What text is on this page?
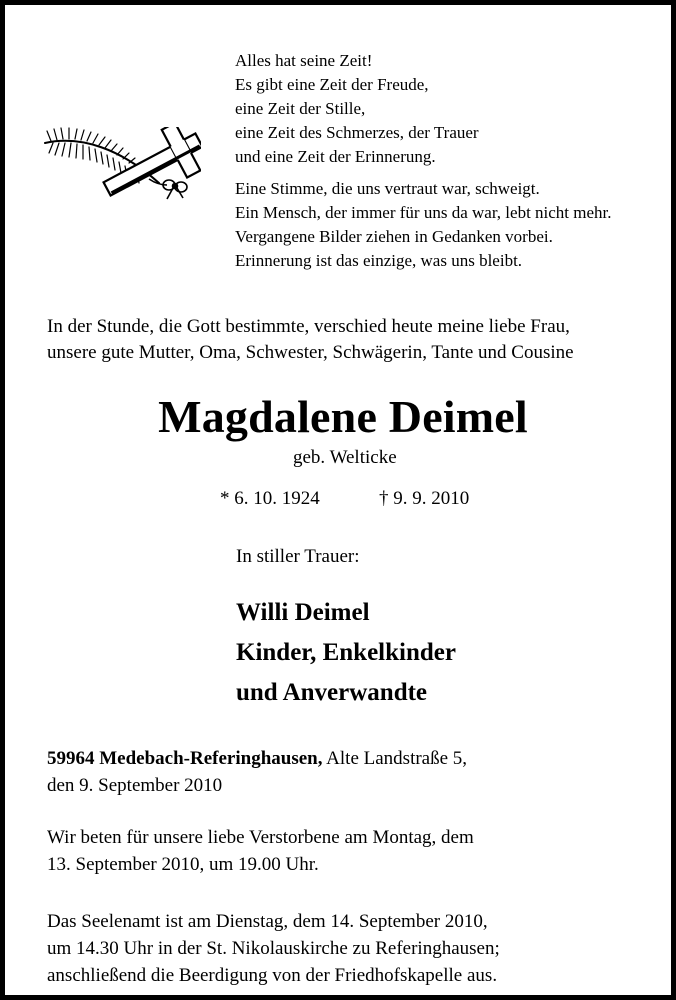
Alles hat seine Zeit!
Es gibt eine Zeit der Freude,
eine Zeit der Stille,
eine Zeit des Schmerzes, der Trauer
und eine Zeit der Erinnerung.
Eine Stimme, die uns vertraut war, schweigt.
Ein Mensch, der immer für uns da war, lebt nicht mehr.
Vergangene Bilder ziehen in Gedanken vorbei.
Erinnerung ist das einzige, was uns bleibt.
In der Stunde, die Gott bestimmte, verschied heute meine liebe Frau,
unsere gute Mutter, Oma, Schwester, Schwägerin, Tante und Cousine
Magdalene Deimel
geb. Welticke
* 6. 10. 1924	† 9. 9. 2010
In stiller Trauer:
Willi Deimel
Kinder, Enkelkinder
und Anverwandte
59964 Medebach-Referinghausen, Alte Landstraße 5,
den 9. September 2010
Wir beten für unsere liebe Verstorbene am Montag, dem
13. September 2010, um 19.00 Uhr.
Das Seelenamt ist am Dienstag, dem 14. September 2010,
um 14.30 Uhr in der St. Nikolauskirche zu Referinghausen;
anschließend die Beerdigung von der Friedhofskapelle aus.
